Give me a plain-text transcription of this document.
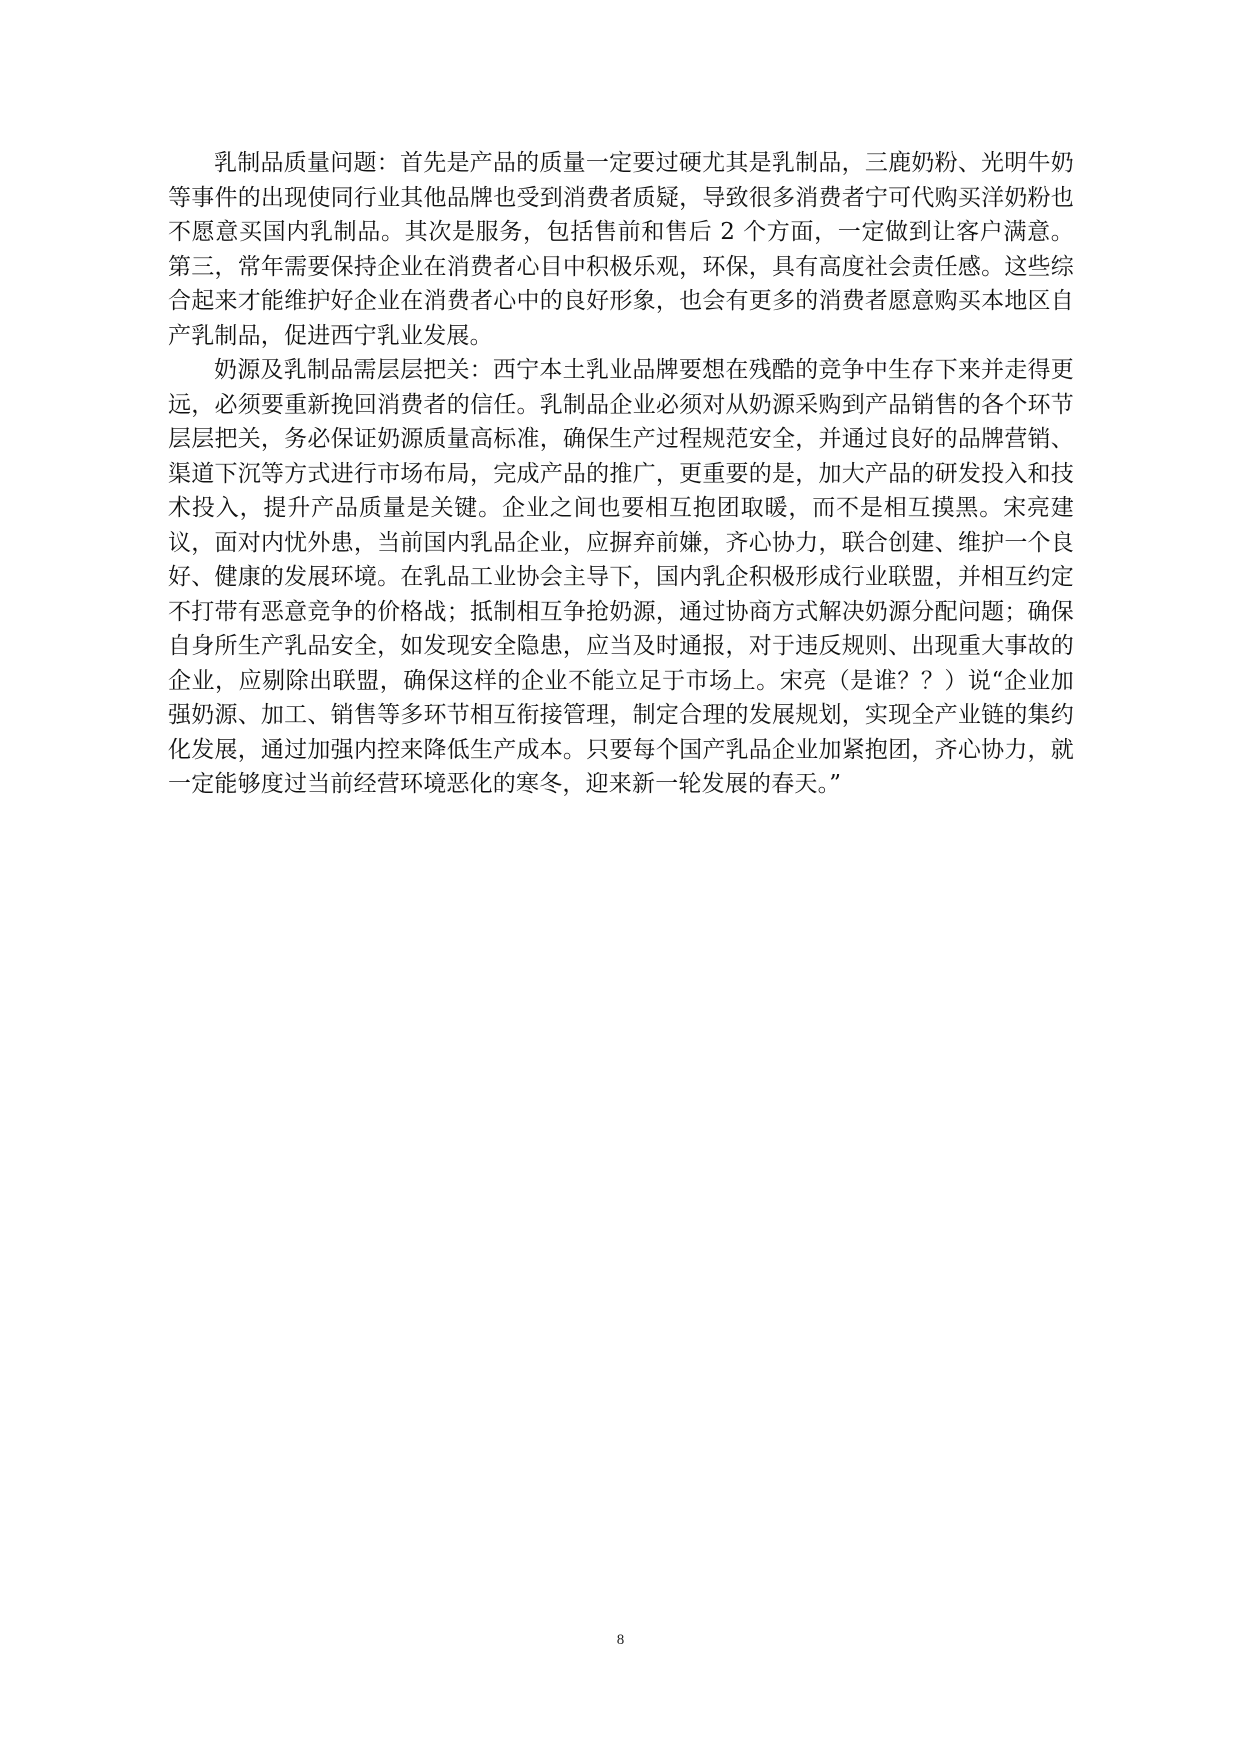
乳制品质量问题：首先是产品的质量一定要过硬尤其是乳制品，三鹿奶粉、光明牛奶等事件的出现使同行业其他品牌也受到消费者质疑，导致很多消费者宁可代购买洋奶粉也不愿意买国内乳制品。其次是服务，包括售前和售后 2 个方面，一定做到让客户满意。第三，常年需要保持企业在消费者心目中积极乐观，环保，具有高度社会责任感。这些综合起来才能维护好企业在消费者心中的良好形象，也会有更多的消费者愿意购买本地区自产乳制品，促进西宁乳业发展。

奶源及乳制品需层层把关：西宁本土乳业品牌要想在残酷的竞争中生存下来并走得更远，必须要重新挽回消费者的信任。乳制品企业必须对从奶源采购到产品销售的各个环节层层把关，务必保证奶源质量高标准，确保生产过程规范安全，并通过良好的品牌营销、渠道下沉等方式进行市场布局，完成产品的推广，更重要的是，加大产品的研发投入和技术投入，提升产品质量是关键。企业之间也要相互抱团取暖，而不是相互摸黑。宋亮建议，面对内忧外患，当前国内乳品企业，应摒弃前嫌，齐心协力，联合创建、维护一个良好、健康的发展环境。在乳品工业协会主导下，国内乳企积极形成行业联盟，并相互约定不打带有恶意竞争的价格战；抵制相互争抢奶源，通过协商方式解决奶源分配问题；确保自身所生产乳品安全，如发现安全隐患，应当及时通报，对于违反规则、出现重大事故的企业，应剔除出联盟，确保这样的企业不能立足于市场上。宋亮（是谁？？）说“企业加强奶源、加工、销售等多环节相互衔接管理，制定合理的发展规划，实现全产业链的集约化发展，通过加强内控来降低生产成本。只要每个国产乳品企业加紧抱团，齐心协力，就一定能够度过当前经营环境恶化的寒冬，迎来新一轮发展的春天。”

8
